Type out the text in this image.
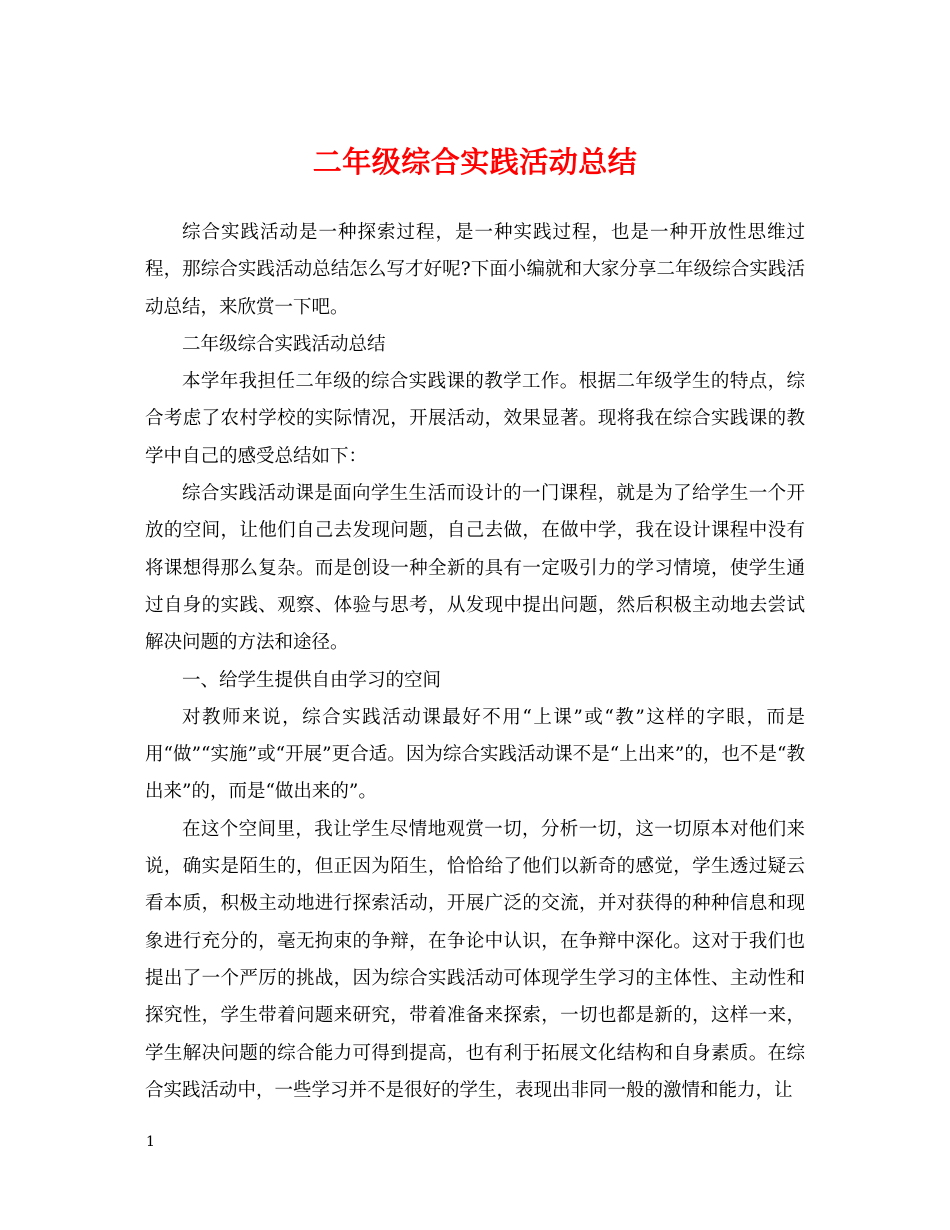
二年级综合实践活动总结

综合实践活动是一种探索过程，是一种实践过程，也是一种开放性思维过程，那综合实践活动总结怎么写才好呢?下面小编就和大家分享二年级综合实践活动总结，来欣赏一下吧。

二年级综合实践活动总结

本学年我担任二年级的综合实践课的教学工作。根据二年级学生的特点，综合考虑了农村学校的实际情况，开展活动，效果显著。现将我在综合实践课的教学中自己的感受总结如下：

综合实践活动课是面向学生生活而设计的一门课程，就是为了给学生一个开放的空间，让他们自己去发现问题，自己去做，在做中学，我在设计课程中没有将课想得那么复杂。而是创设一种全新的具有一定吸引力的学习情境，使学生通过自身的实践、观察、体验与思考，从发现中提出问题，然后积极主动地去尝试解决问题的方法和途径。

一、给学生提供自由学习的空间

对教师来说，综合实践活动课最好不用“上课”或“教”这样的字眼，而是用“做”“实施”或“开展”更合适。因为综合实践活动课不是“上出来”的，也不是“教出来”的，而是“做出来的”。

在这个空间里，我让学生尽情地观赏一切，分析一切，这一切原本对他们来说，确实是陌生的，但正因为陌生，恰恰给了他们以新奇的感觉，学生透过疑云看本质，积极主动地进行探索活动，开展广泛的交流，并对获得的种种信息和现象进行充分的，毫无拘束的争辩，在争论中认识，在争辩中深化。这对于我们也提出了一个严厉的挑战，因为综合实践活动可体现学生学习的主体性、主动性和探究性，学生带着问题来研究，带着准备来探索，一切也都是新的，这样一来，学生解决问题的综合能力可得到提高，也有利于拓展文化结构和自身素质。在综合实践活动中，一些学习并不是很好的学生，表现出非同一般的激情和能力，让

1
